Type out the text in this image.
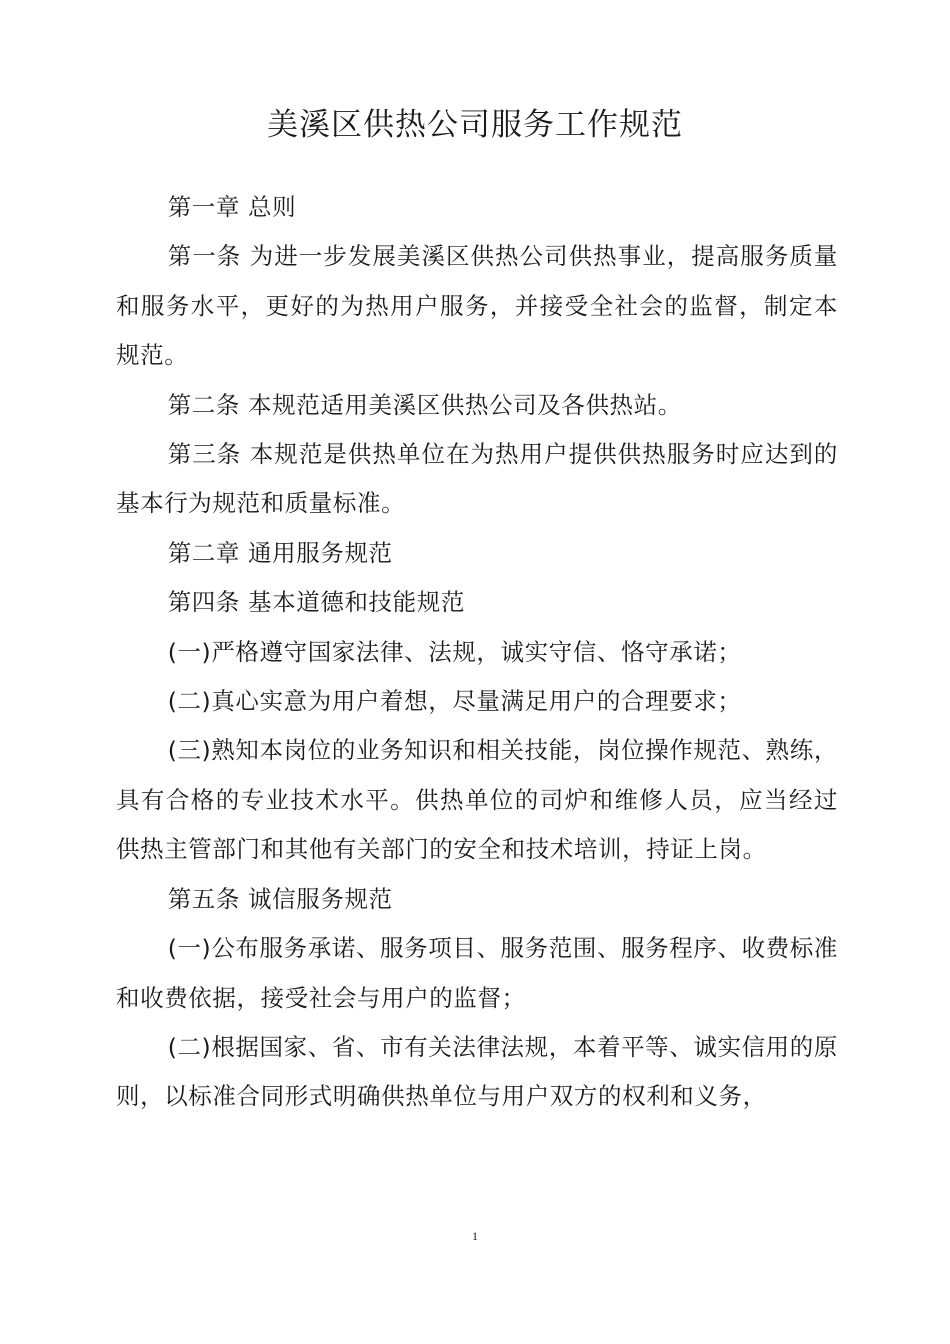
美溪区供热公司服务工作规范

第一章 总则

第一条 为进一步发展美溪区供热公司供热事业，提高服务质量和服务水平，更好的为热用户服务，并接受全社会的监督，制定本规范。

第二条 本规范适用美溪区供热公司及各供热站。

第三条 本规范是供热单位在为热用户提供供热服务时应达到的基本行为规范和质量标准。

第二章 通用服务规范

第四条 基本道德和技能规范

(一)严格遵守国家法律、法规，诚实守信、恪守承诺；

(二)真心实意为用户着想，尽量满足用户的合理要求；

(三)熟知本岗位的业务知识和相关技能，岗位操作规范、熟练，具有合格的专业技术水平。供热单位的司炉和维修人员，应当经过供热主管部门和其他有关部门的安全和技术培训，持证上岗。

第五条 诚信服务规范

(一)公布服务承诺、服务项目、服务范围、服务程序、收费标准和收费依据，接受社会与用户的监督；

(二)根据国家、省、市有关法律法规，本着平等、诚实信用的原则，以标准合同形式明确供热单位与用户双方的权利和义务，

1
